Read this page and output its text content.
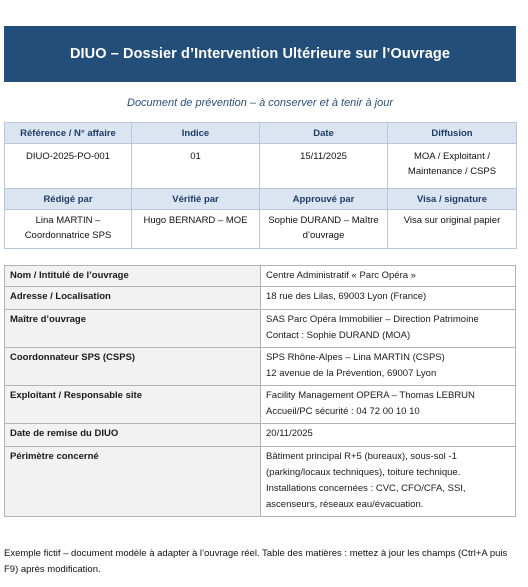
DIUO – Dossier d’Intervention Ultérieure sur l’Ouvrage
Document de prévention – à conserver et à tenir à jour
Référence / N° affaire	Indice	Date	Diffusion
DIUO-2025-PO-001	01	15/11/2025	MOA / Exploitant / Maintenance / CSPS
Rédigé par	Vérifié par	Approuvé par	Visa / signature
Lina MARTIN – Coordonnatrice SPS	Hugo BERNARD – MOE	Sophie DURAND – Maître d’ouvrage	Visa sur original papier
Nom / Intitulé de l’ouvrage	Centre Administratif « Parc Opéra »

Adresse / Localisation	18 rue des Lilas, 69003 Lyon (France)

Maître d’ouvrage	SAS Parc Opéra Immobilier – Direction Patrimoine
Contact : Sophie DURAND (MOA)

Coordonnateur SPS (CSPS)	SPS Rhône-Alpes – Lina MARTIN (CSPS)
12 avenue de la Prévention, 69007 Lyon

Exploitant / Responsable site	Facility Management OPERA – Thomas LEBRUN
Accueil/PC sécurité : 04 72 00 10 10

Date de remise du DIUO	20/11/2025

Périmètre concerné	Bâtiment principal R+5 (bureaux), sous-sol -1 (parking/locaux techniques), toiture technique. Installations concernées : CVC, CFO/CFA, SSI, ascenseurs, réseaux eau/évacuation.
Exemple fictif – document modèle à adapter à l’ouvrage réel. Table des matières : mettez à jour les champs (Ctrl+A puis F9) après modification.
